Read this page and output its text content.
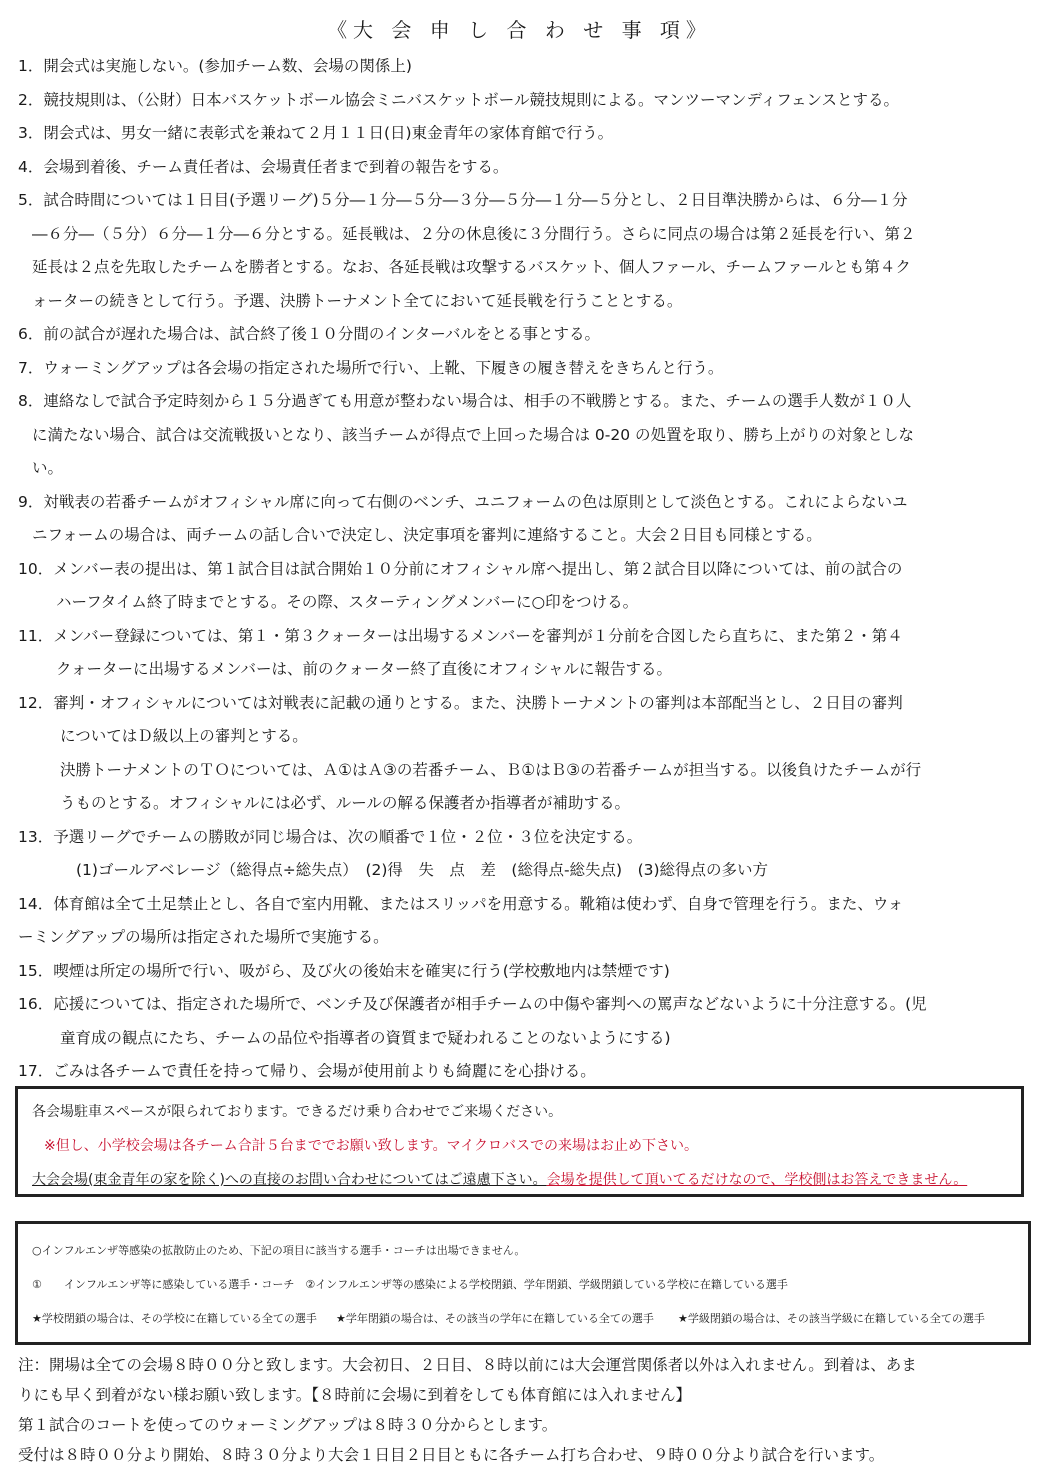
《大 会 申 し 合 わ せ 事 項》
1． 開会式は実施しない。(参加チーム数、会場の関係上)
2． 競技規則は、（公財）日本バスケットボール協会ミニバスケットボール競技規則による。マンツーマンディフェンスとする。
3． 閉会式は、男女一緒に表彰式を兼ねて２月１１日(日)東金青年の家体育館で行う。
4． 会場到着後、チーム責任者は、会場責任者まで到着の報告をする。
5． 試合時間については１日目(予選リーグ)５分―１分―５分―３分―５分―１分―５分とし、２日目準決勝からは、６分―１分
―６分―（５分）６分―１分―６分とする。延長戦は、２分の休息後に３分間行う。さらに同点の場合は第２延長を行い、第２
延長は２点を先取したチームを勝者とする。なお、各延長戦は攻撃するバスケット、個人ファール、チームファールとも第４ク
ォーターの続きとして行う。予選、決勝トーナメント全てにおいて延長戦を行うこととする。
6． 前の試合が遅れた場合は、試合終了後１０分間のインターバルをとる事とする。
7． ウォーミングアップは各会場の指定された場所で行い、上靴、下履きの履き替えをきちんと行う。
8． 連絡なしで試合予定時刻から１５分過ぎても用意が整わない場合は、相手の不戦勝とする。また、チームの選手人数が１０人
に満たない場合、試合は交流戦扱いとなり、該当チームが得点で上回った場合は 0-20 の処置を取り、勝ち上がりの対象としな
い。
9． 対戦表の若番チームがオフィシャル席に向って右側のベンチ、ユニフォームの色は原則として淡色とする。これによらないユ
ニフォームの場合は、両チームの話し合いで決定し、決定事項を審判に連絡すること。大会２日目も同様とする。
10． メンバー表の提出は、第１試合目は試合開始１０分前にオフィシャル席へ提出し、第２試合目以降については、前の試合の
ハーフタイム終了時までとする。その際、スターティングメンバーに○印をつける。
11． メンバー登録については、第１・第３クォーターは出場するメンバーを審判が１分前を合図したら直ちに、また第２・第４
クォーターに出場するメンバーは、前のクォーター終了直後にオフィシャルに報告する。
12． 審判・オフィシャルについては対戦表に記載の通りとする。また、決勝トーナメントの審判は本部配当とし、２日目の審判
についてはＤ級以上の審判とする。
決勝トーナメントのＴＯについては、Ａ①はＡ③の若番チーム、Ｂ①はＢ③の若番チームが担当する。以後負けたチームが行
うものとする。オフィシャルには必ず、ルールの解る保護者か指導者が補助する。
13． 予選リーグでチームの勝敗が同じ場合は、次の順番で１位・２位・３位を決定する。
(1)ゴールアベレージ（総得点÷総失点）　(2)得　失　点　差　(総得点-総失点)　(3)総得点の多い方
14． 体育館は全て土足禁止とし、各自で室内用靴、またはスリッパを用意する。靴箱は使わず、自身で管理を行う。また、ウォ
ーミングアップの場所は指定された場所で実施する。
15． 喫煙は所定の場所で行い、吸がら、及び火の後始末を確実に行う(学校敷地内は禁煙です)
16． 応援については、指定された場所で、ベンチ及び保護者が相手チームの中傷や審判への罵声などないように十分注意する。(児
童育成の観点にたち、チームの品位や指導者の資質まで疑われることのないようにする)
17． ごみは各チームで責任を持って帰り、会場が使用前よりも綺麗にを心掛ける。
各会場駐車スペースが限られております。できるだけ乗り合わせでご来場ください。
※但し、小学校会場は各チーム合計５台まででお願い致します。マイクロバスでの来場はお止め下さい。
大会会場(東金青年の家を除く)への直接のお問い合わせについてはご遠慮下さい。会場を提供して頂いてるだけなので、学校側はお答えできません。
○インフルエンザ等感染の拡散防止のため、下記の項目に該当する選手・コーチは出場できません。
①　　インフルエンザ等に感染している選手・コーチ　②インフルエンザ等の感染による学校閉鎖、学年閉鎖、学級閉鎖している学校に在籍している選手
★学校閉鎖の場合は、その学校に在籍している全ての選手 ★学年閉鎖の場合は、その該当の学年に在籍している全ての選手 ★学級閉鎖の場合は、その該当学級に在籍している全ての選手
注：開場は全ての会場８時００分と致します。大会初日、２日目、８時以前には大会運営関係者以外は入れません。到着は、あま
りにも早く到着がない様お願い致します。【８時前に会場に到着をしても体育館には入れません】
第１試合のコートを使ってのウォーミングアップは８時３０分からとします。
受付は８時００分より開始、８時３０分より大会１日目２日目ともに各チーム打ち合わせ、９時００分より試合を行います。
